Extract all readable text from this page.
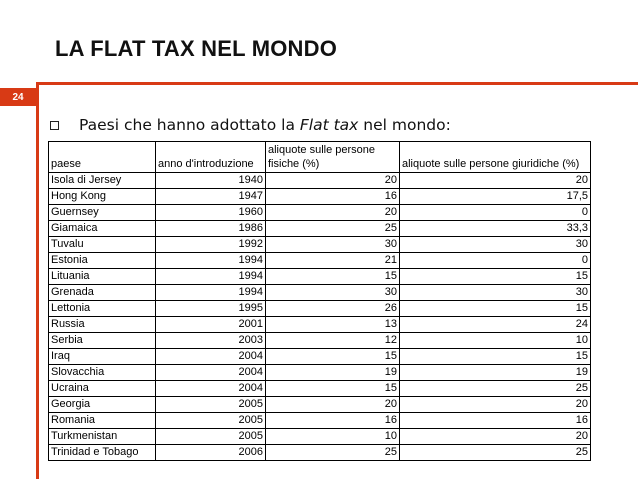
LA FLAT TAX NEL MONDO
24
Paesi che hanno adottato la Flat tax nel mondo:
paese	anno d'introduzione	aliquote sulle persone fisiche (%)	aliquote sulle persone giuridiche (%)
Isola di Jersey	1940	20	20
Hong Kong	1947	16	17,5
Guernsey	1960	20	0
Giamaica	1986	25	33,3
Tuvalu	1992	30	30
Estonia	1994	21	0
Lituania	1994	15	15
Grenada	1994	30	30
Lettonia	1995	26	15
Russia	2001	13	24
Serbia	2003	12	10
Iraq	2004	15	15
Slovacchia	2004	19	19
Ucraina	2004	15	25
Georgia	2005	20	20
Romania	2005	16	16
Turkmenistan	2005	10	20
Trinidad e Tobago	2006	25	25
